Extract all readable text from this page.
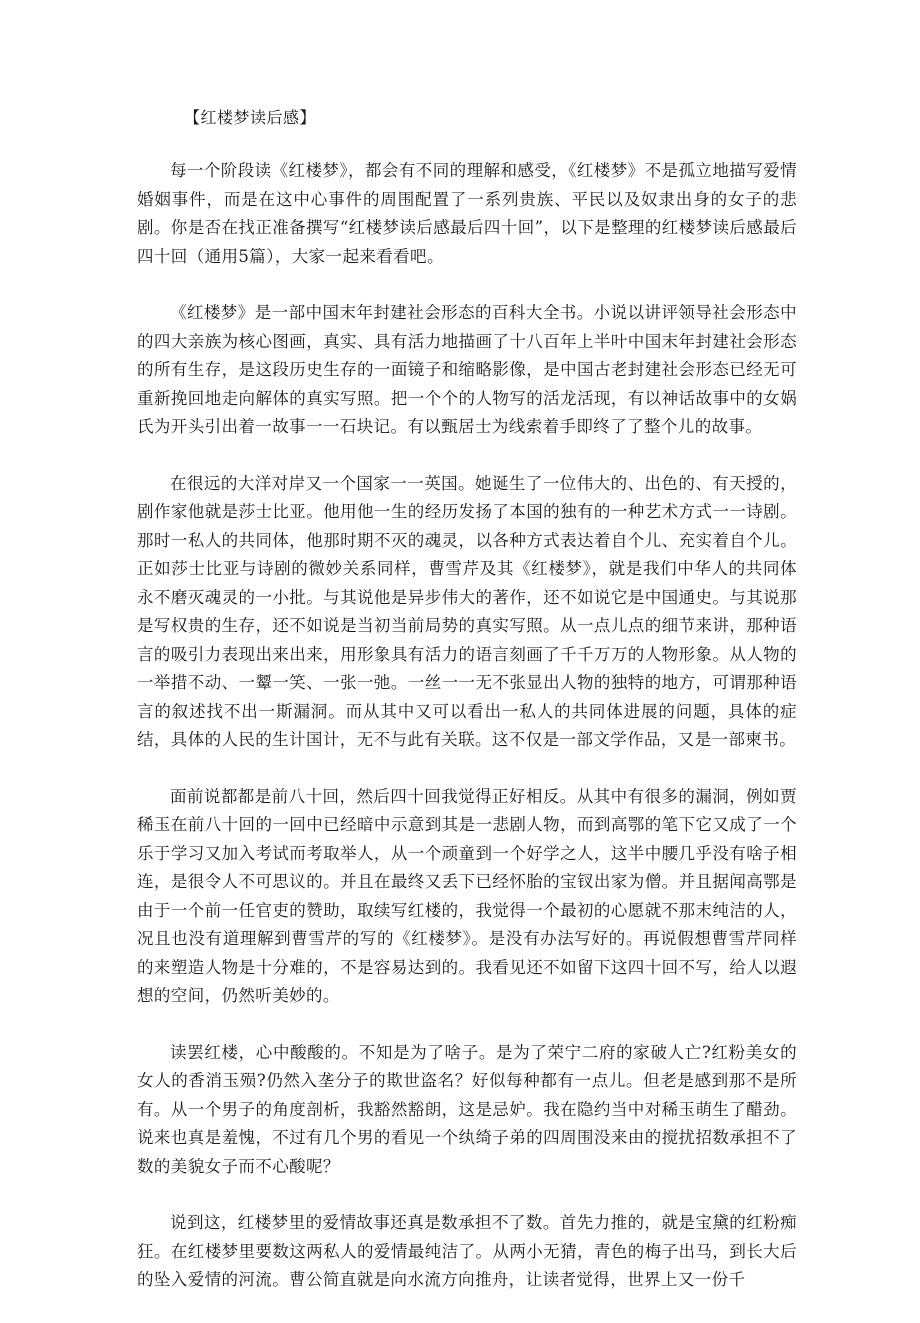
【红楼梦读后感】

每一个阶段读《红楼梦》，都会有不同的理解和感受，《红楼梦》不是孤立地描写爱情婚姻事件，而是在这中心事件的周围配置了一系列贵族、平民以及奴隶出身的女子的悲剧。你是否在找正准备撰写“红楼梦读后感最后四十回”，以下是整理的红楼梦读后感最后四十回（通用5篇），大家一起来看看吧。

《红楼梦》是一部中国末年封建社会形态的百科大全书。小说以讲评领导社会形态中的四大亲族为核心图画，真实、具有活力地描画了十八百年上半叶中国末年封建社会形态的所有生存，是这段历史生存的一面镜子和缩略影像，是中国古老封建社会形态已经无可重新挽回地走向解体的真实写照。把一个个的人物写的活龙活现，有以神话故事中的女娲氏为开头引出着一故事一一石块记。有以甄居士为线索着手即终了了整个儿的故事。

在很远的大洋对岸又一个国家一一英国。她诞生了一位伟大的、出色的、有天授的，剧作家他就是莎士比亚。他用他一生的经历发扬了本国的独有的一种艺术方式一一诗剧。那时一私人的共同体，他那时期不灭的魂灵，以各种方式表达着自个儿、充实着自个儿。正如莎士比亚与诗剧的微妙关系同样，曹雪芹及其《红楼梦》，就是我们中华人的共同体永不磨灭魂灵的一小批。与其说他是异步伟大的著作，还不如说它是中国通史。与其说那是写权贵的生存，还不如说是当初当前局势的真实写照。从一点儿点的细节来讲，那种语言的吸引力表现出来出来，用形象具有活力的语言刻画了千千万万的人物形象。从人物的一举措不动、一颦一笑、一张一弛。一丝一一无不张显出人物的独特的地方，可谓那种语言的叙述找不出一斯漏洞。而从其中又可以看出一私人的共同体进展的问题，具体的症结，具体的人民的生计国计，无不与此有关联。这不仅是一部文学作品，又是一部柬书。

面前说都都是前八十回，然后四十回我觉得正好相反。从其中有很多的漏洞，例如贾稀玉在前八十回的一回中已经暗中示意到其是一悲剧人物，而到高鄂的笔下它又成了一个乐于学习又加入考试而考取举人，从一个顽童到一个好学之人，这半中腰几乎没有啥子相连，是很令人不可思议的。并且在最终又丢下已经怀胎的宝钗出家为僧。并且据闻高鄂是由于一个前一任官吏的赞助，取续写红楼的，我觉得一个最初的心愿就不那末纯洁的人，况且也没有道理解到曹雪芹的写的《红楼梦》。是没有办法写好的。再说假想曹雪芹同样的来塑造人物是十分难的，不是容易达到的。我看见还不如留下这四十回不写，给人以遐想的空间，仍然听美妙的。

读罢红楼，心中酸酸的。不知是为了啥子。是为了荣宁二府的家破人亡?红粉美女的女人的香消玉殒?仍然入垄分子的欺世盗名？好似每种都有一点儿。但老是感到那不是所有。从一个男子的角度剖析，我豁然豁朗，这是忌妒。我在隐约当中对稀玉萌生了醋劲。说来也真是羞愧，不过有几个男的看见一个纨绮子弟的四周围没来由的搅扰招数承担不了数的美貌女子而不心酸呢？

说到这，红楼梦里的爱情故事还真是数承担不了数。首先力推的，就是宝黛的红粉痴狂。在红楼梦里要数这两私人的爱情最纯洁了。从两小无猜，青色的梅子出马，到长大后的坠入爱情的河流。曹公简直就是向水流方向推舟，让读者觉得，世界上又一份千
